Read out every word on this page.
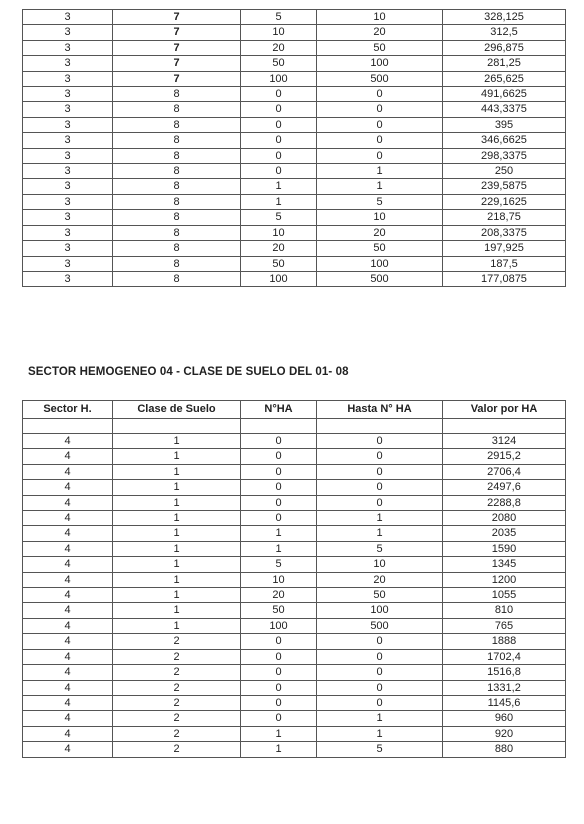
3	7	5	10	328,125
3	7	10	20	312,5
3	7	20	50	296,875
3	7	50	100	281,25
3	7	100	500	265,625
3	8	0	0	491,6625
3	8	0	0	443,3375
3	8	0	0	395
3	8	0	0	346,6625
3	8	0	0	298,3375
3	8	0	1	250
3	8	1	1	239,5875
3	8	1	5	229,1625
3	8	5	10	218,75
3	8	10	20	208,3375
3	8	20	50	197,925
3	8	50	100	187,5
3	8	100	500	177,0875
SECTOR HEMOGENEO 04 - CLASE DE SUELO DEL 01- 08
Sector H.	Clase de Suelo	N°HA	Hasta N° HA	Valor por HA

4	1	0	0	3124
4	1	0	0	2915,2
4	1	0	0	2706,4
4	1	0	0	2497,6
4	1	0	0	2288,8
4	1	0	1	2080
4	1	1	1	2035
4	1	1	5	1590
4	1	5	10	1345
4	1	10	20	1200
4	1	20	50	1055
4	1	50	100	810
4	1	100	500	765
4	2	0	0	1888
4	2	0	0	1702,4
4	2	0	0	1516,8
4	2	0	0	1331,2
4	2	0	0	1145,6
4	2	0	1	960
4	2	1	1	920
4	2	1	5	880
